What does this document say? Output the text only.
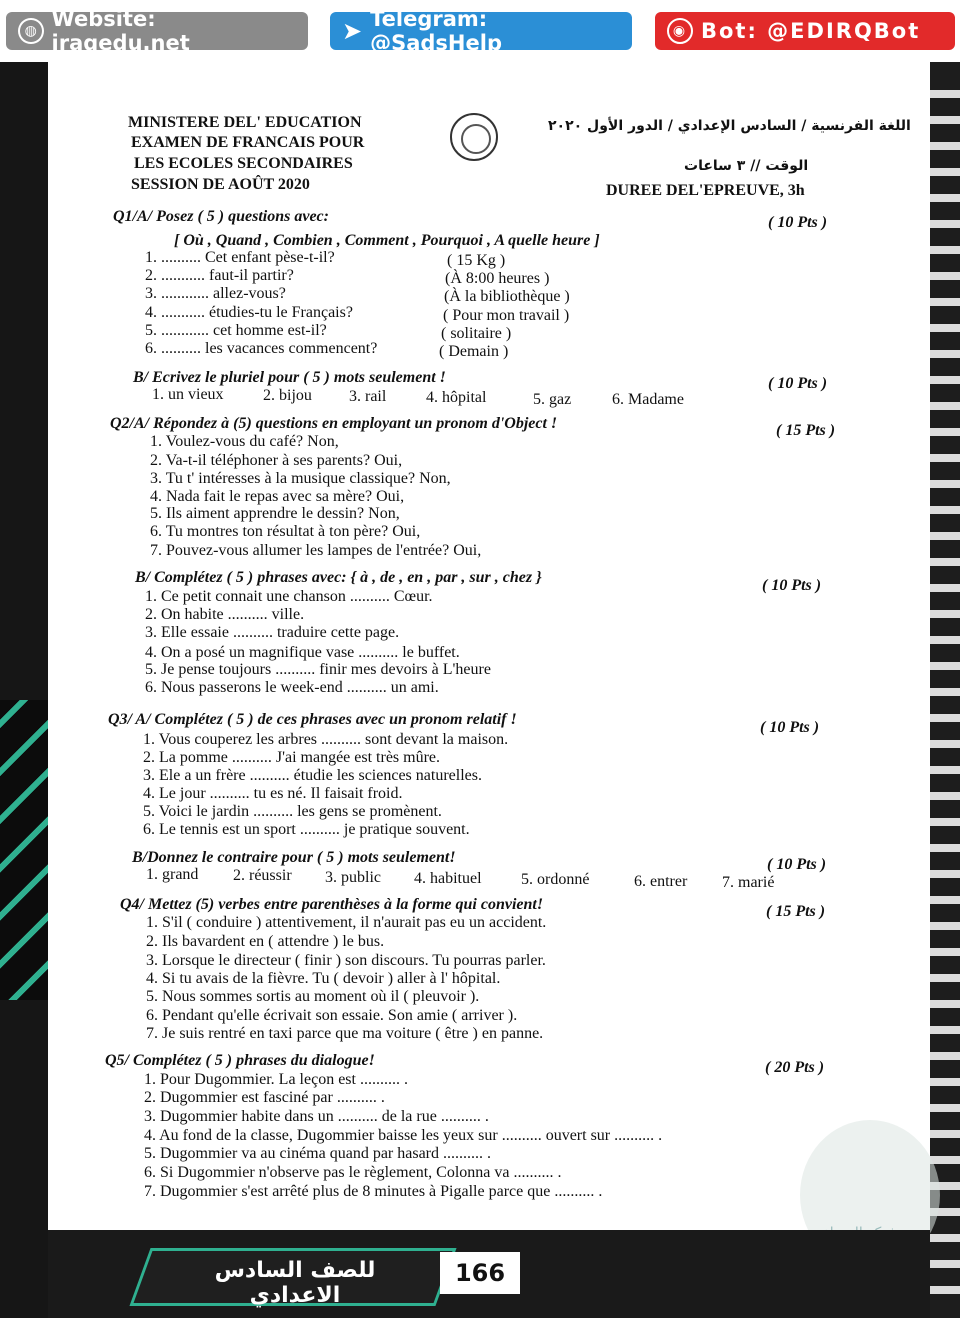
◍ Website: iraqedu.net	➤ Telegram: @SadsHelp	◉ Bot: @EDIRQBot
MINISTERE DEL' EDUCATION
EXAMEN DE FRANCAIS POUR
LES ECOLES SECONDAIRES
SESSION DE AOÛT 2020
اللغة الفرنسية / السادس الإعدادي / الدور الأول ٢٠٢٠
الوقت // ٣ ساعات
DUREE DEL'EPREUVE, 3h
Q1/A/ Posez ( 5 ) questions avec:	( 10 Pts )
[ Où , Quand , Combien , Comment , Pourquoi , A quelle heure ]
1. .......... Cet enfant pèse-t-il?	( 15 Kg )
2. ........... faut-il partir?	(À 8:00 heures )
3. ............ allez-vous?	(À la bibliothèque )
4. ........... étudies-tu le Français?	( Pour mon travail )
5. ............ cet homme est-il?	( solitaire )
6. .......... les vacances commencent?	( Demain )
B/ Ecrivez le pluriel pour ( 5 ) mots seulement !	( 10 Pts )
1. un vieux 2. bijou 3. rail 4. hôpital	5. gaz	6. Madame
Q2/A/ Répondez à (5) questions en employant un pronom d'Object !	( 15 Pts )
1. Voulez-vous du café? Non,
2. Va-t-il téléphoner à ses parents? Oui,
3. Tu t' intéresses à la musique classique? Non,
4. Nada fait le repas avec sa mère? Oui,
5. Ils aiment apprendre le dessin? Non,
6. Tu montres ton résultat à ton père? Oui,
7. Pouvez-vous allumer les lampes de l'entrée? Oui,
B/ Complétez ( 5 ) phrases avec: { à , de , en , par , sur , chez }	( 10 Pts )
1. Ce petit connait une chanson .......... Cœur.
2. On habite .......... ville.
3. Elle essaie .......... traduire cette page.
4. On a posé un magnifique vase .......... le buffet.
5. Je pense toujours .......... finir mes devoirs à L'heure
6. Nous passerons le week-end .......... un ami.
Q3/ A/ Complétez ( 5 ) de ces phrases avec un pronom relatif !	( 10 Pts )
1. Vous couperez les arbres .......... sont devant la maison.
2. La pomme .......... J'ai mangée est très mûre.
3. Ele a un frère .......... étudie les sciences naturelles.
4. Le jour .......... tu es né. Il faisait froid.
5. Voici le jardin .......... les gens se promènent.
6. Le tennis est un sport .......... je pratique souvent.
B/Donnez le contraire pour ( 5 ) mots seulement!	( 10 Pts )
1. grand 2. réussir 3. public 4. habituel 5. ordonné	6. entrer 7. marié
Q4/ Mettez (5) verbes entre parenthèses à la forme qui convient!	( 15 Pts )
1. S'il ( conduire ) attentivement, il n'aurait pas eu un accident.
2. Ils bavardent en ( attendre ) le bus.
3. Lorsque le directeur ( finir ) son discours. Tu pourras parler.
4. Si tu avais de la fièvre. Tu ( devoir ) aller à l' hôpital.
5. Nous sommes sortis au moment où il ( pleuvoir ).
6. Pendant qu'elle écrivait son essaie. Son amie ( arriver ).
7. Je suis rentré en taxi parce que ma voiture ( être ) en panne.
Q5/ Complétez ( 5 ) phrases du dialogue!	( 20 Pts )
1. Pour Dugommier. La leçon est .......... .
2. Dugommier est fasciné par .......... .
3. Dugommier habite dans un .......... de la rue .......... .
4. Au fond de la classe, Dugommier baisse les yeux sur .......... ouvert sur .......... .
5. Dugommier va au cinéma quand par hasard .......... .
6. Si Dugommier n'observe pas le règlement, Colonna va .......... .
7. Dugommier s'est arrêté plus de 8 minutes à Pigalle parce que .......... .
للصف السادس الاعدادي
166
